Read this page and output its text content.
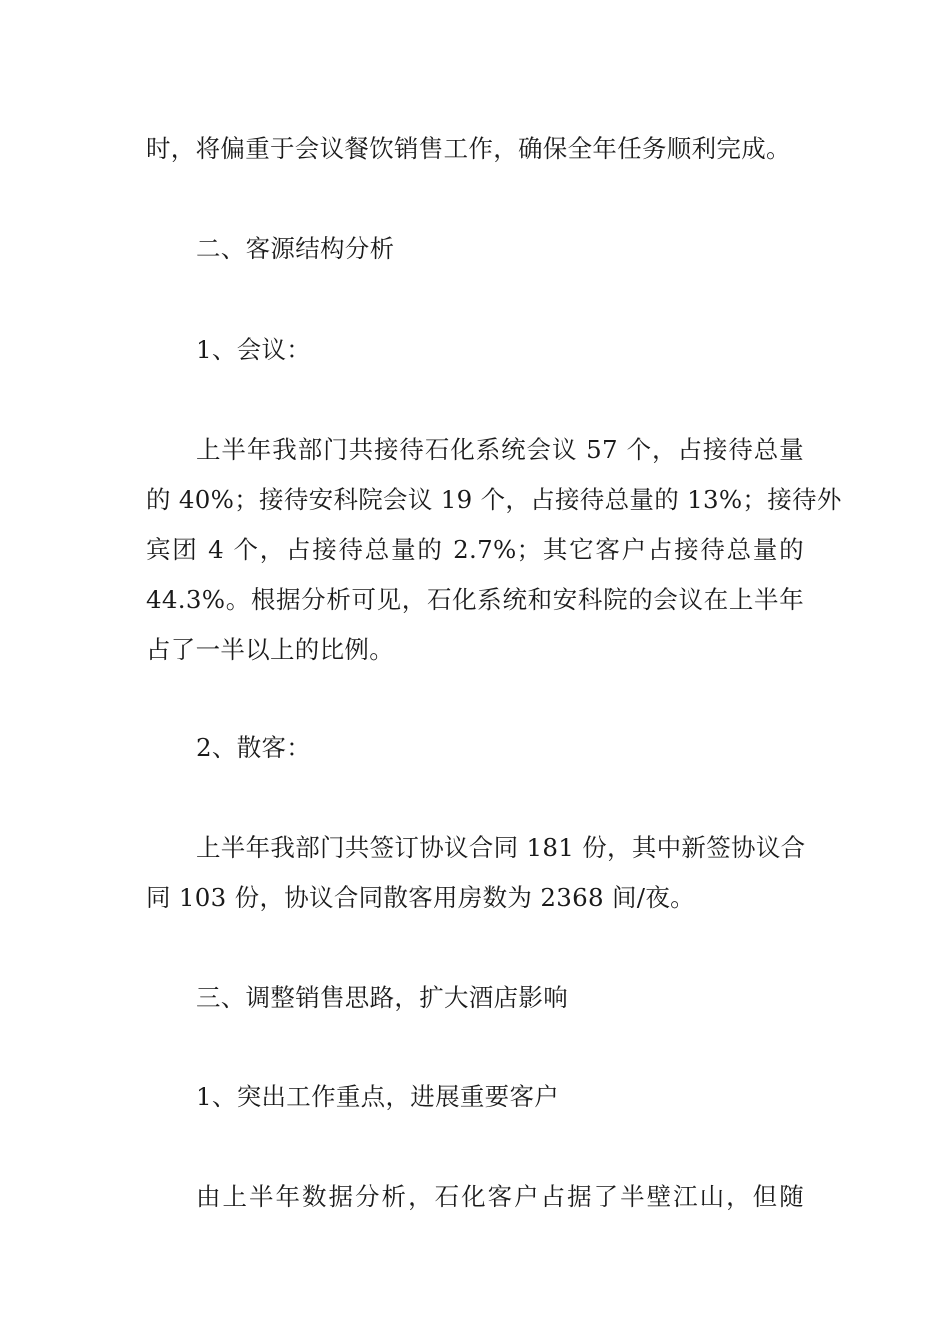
时，将偏重于会议餐饮销售工作，确保全年任务顺利完成。
二、客源结构分析
1、会议：
上半年我部门共接待石化系统会议 57 个，占接待总量
的 40%；接待安科院会议 19 个，占接待总量的 13%；接待外
宾团 4 个，占接待总量的 2.7%；其它客户占接待总量的
44.3%。根据分析可见，石化系统和安科院的会议在上半年
占了一半以上的比例。
2、散客：
上半年我部门共签订协议合同 181 份，其中新签协议合
同 103 份，协议合同散客用房数为 2368 间/夜。
三、调整销售思路，扩大酒店影响
1、突出工作重点，进展重要客户
由上半年数据分析，石化客户占据了半壁江山，但随
